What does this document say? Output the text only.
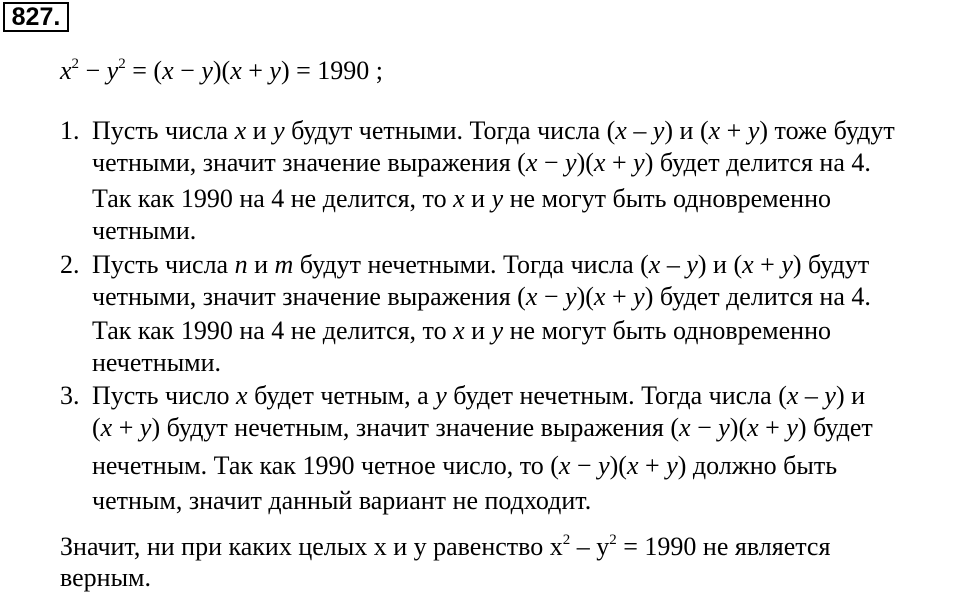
827.
$x^2 - y^2 = (x - y)(x + y) = 1990$ ;
1. Пусть числа x и y будут четными. Тогда числа (x – y) и (x + y) тоже будут
четными, значит значение выражения (x − y)(x + y) будет делится на 4.
Так как 1990 на 4 не делится, то x и y не могут быть одновременно
четными.
2. Пусть числа n и m будут нечетными. Тогда числа (x – y) и (x + y) будут
четными, значит значение выражения (x − y)(x + y) будет делится на 4.
Так как 1990 на 4 не делится, то x и y не могут быть одновременно
нечетными.
3. Пусть число x будет четным, а y будет нечетным. Тогда числа (x – y) и
(x + y) будут нечетным, значит значение выражения (x − y)(x + y) будет
нечетным. Так как 1990 четное число, то (x − y)(x + y) должно быть
четным, значит данный вариант не подходит.
Значит, ни при каких целых x и y равенство $x^2 - y^2 = 1990$ не является
верным.
